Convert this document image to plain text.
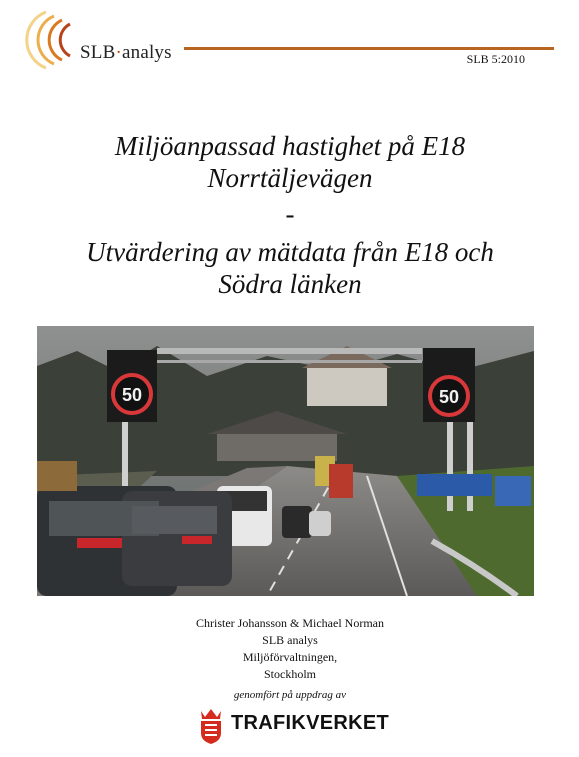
SLB·analys	SLB 5:2010
Miljöanpassad hastighet på E18
Norrtäljevägen
-
Utvärdering av mätdata från E18 och
Södra länken
50	50
Christer Johansson & Michael Norman
SLB analys
Miljöförvaltningen,
Stockholm
genomfört på uppdrag av
TRAFIKVERKET
